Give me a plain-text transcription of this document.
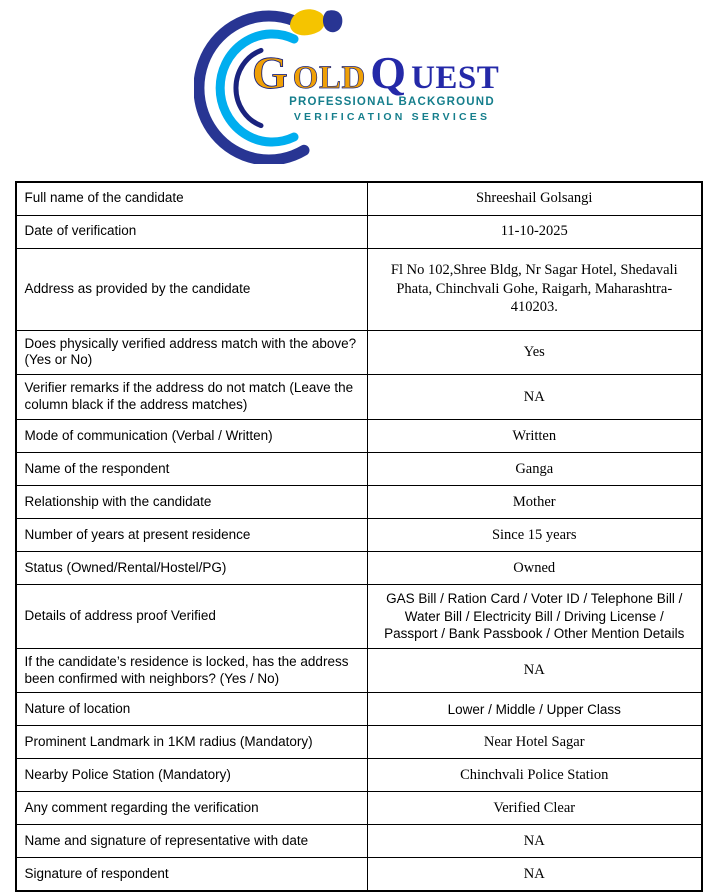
G OLD Q UEST
PROFESSIONAL BACKGROUND
VERIFICATION SERVICES
Full name of the candidate	Shreeshail Golsangi
Date of verification	11-10-2025
Address as provided by the candidate	Fl No 102,Shree Bldg, Nr Sagar Hotel, Shedavali Phata, Chinchvali Gohe, Raigarh, Maharashtra-410203.
Does physically verified address match with the above? (Yes or No)	Yes
Verifier remarks if the address do not match (Leave the column black if the address matches)	NA
Mode of communication (Verbal / Written)	Written
Name of the respondent	Ganga
Relationship with the candidate	Mother
Number of years at present residence	Since 15 years
Status (Owned/Rental/Hostel/PG)	Owned
Details of address proof Verified	GAS Bill / Ration Card / Voter ID / Telephone Bill / Water Bill / Electricity Bill / Driving License / Passport / Bank Passbook / Other Mention Details
If the candidate’s residence is locked, has the address been confirmed with neighbors? (Yes / No)	NA
Nature of location	Lower / Middle / Upper Class
Prominent Landmark in 1KM radius (Mandatory)	Near Hotel Sagar
Nearby Police Station (Mandatory)	Chinchvali Police Station
Any comment regarding the verification	Verified Clear
Name and signature of representative with date	NA
Signature of respondent	NA
